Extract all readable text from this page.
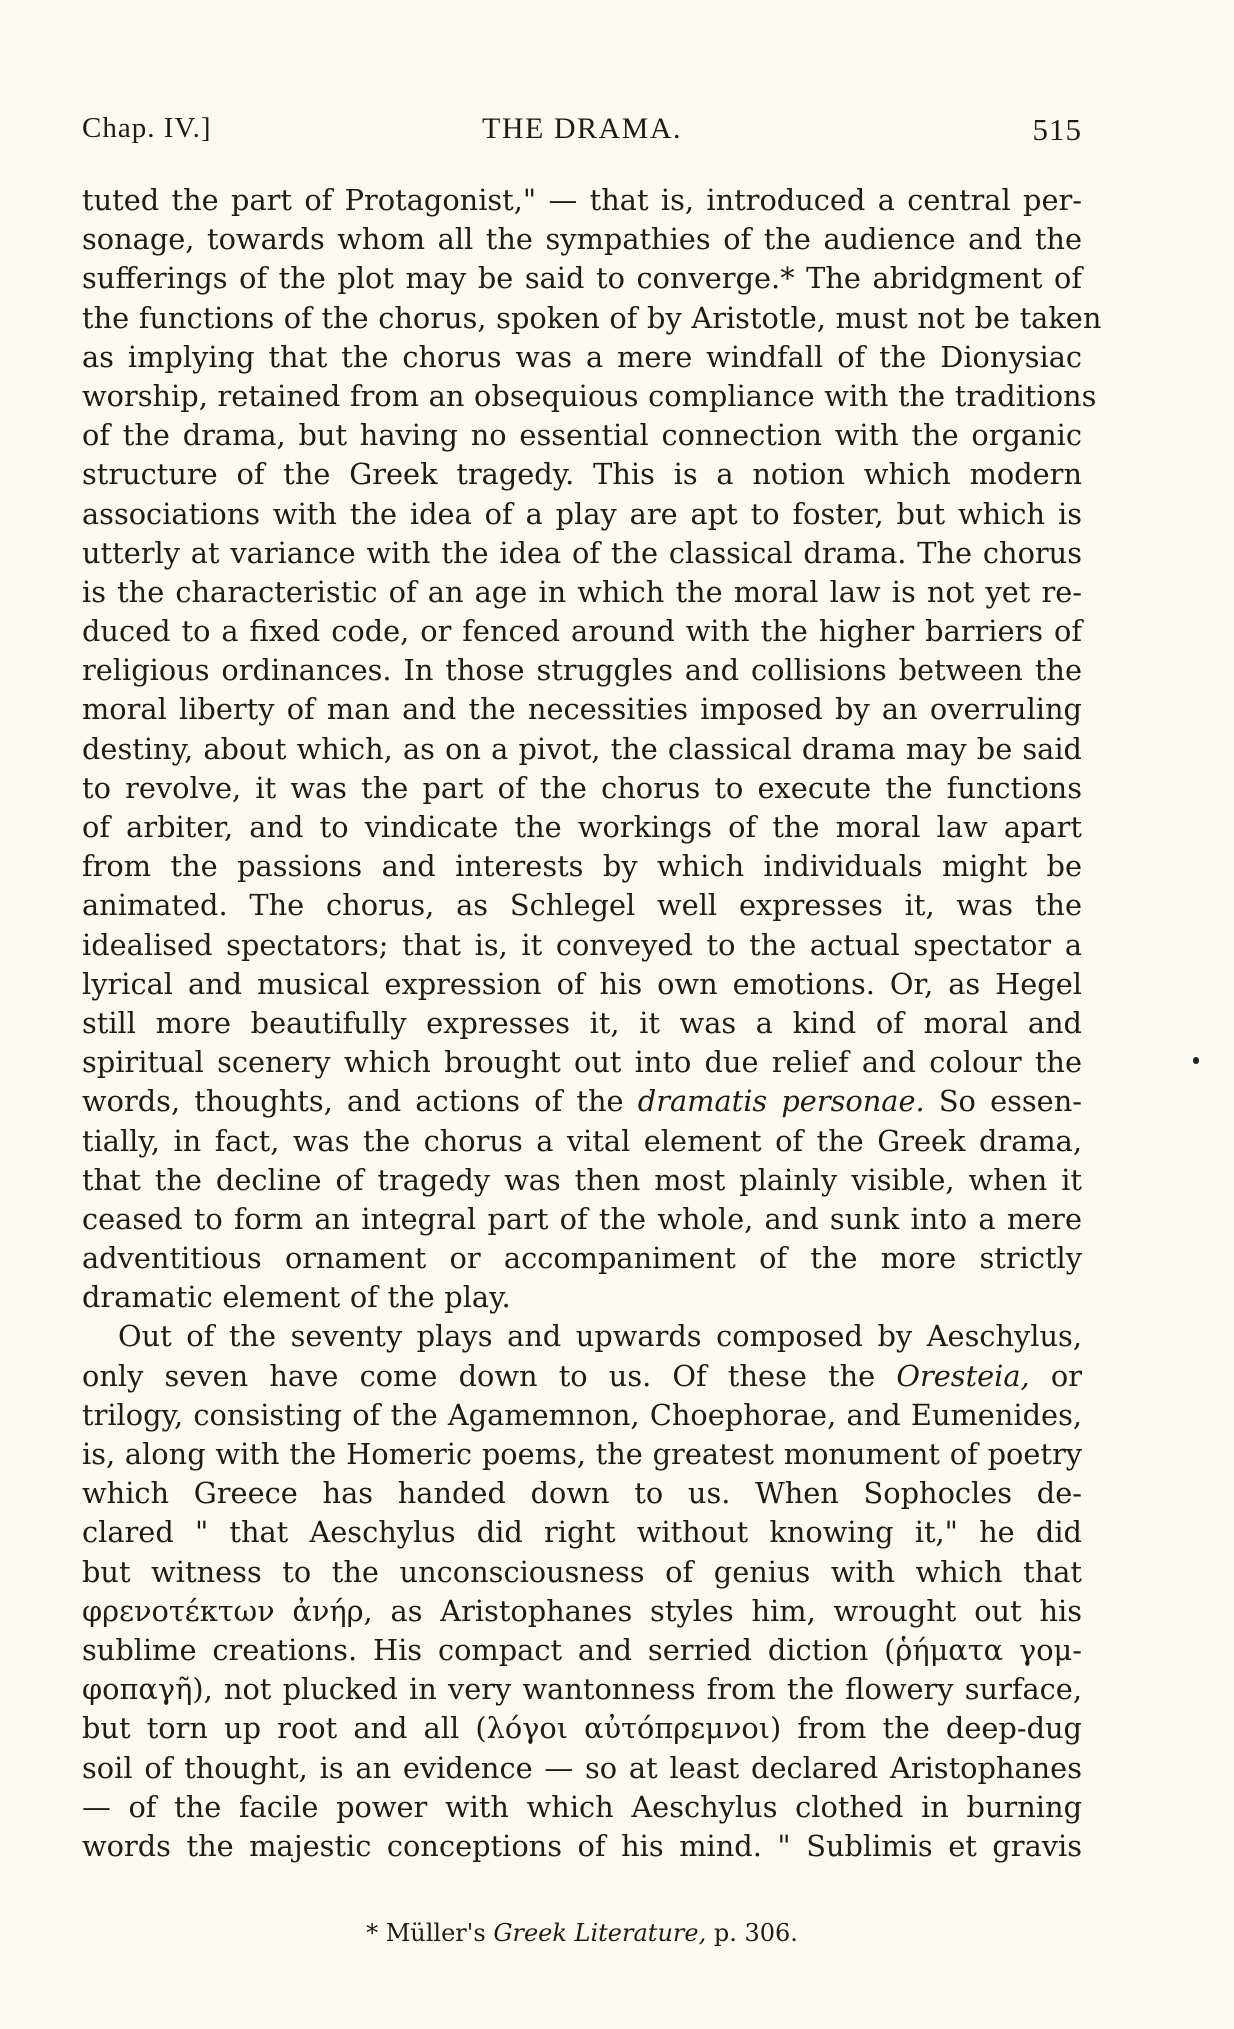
Chap. IV.]	THE DRAMA.	515
tuted the part of Protagonist," — that is, introduced a central per-
sonage, towards whom all the sympathies of the audience and the
sufferings of the plot may be said to converge.* The abridgment of
the functions of the chorus, spoken of by Aristotle, must not be taken
as implying that the chorus was a mere windfall of the Dionysiac
worship, retained from an obsequious compliance with the traditions
of the drama, but having no essential connection with the organic
structure of the Greek tragedy. This is a notion which modern
associations with the idea of a play are apt to foster, but which is
utterly at variance with the idea of the classical drama. The chorus
is the characteristic of an age in which the moral law is not yet re-
duced to a fixed code, or fenced around with the higher barriers of
religious ordinances. In those struggles and collisions between the
moral liberty of man and the necessities imposed by an overruling
destiny, about which, as on a pivot, the classical drama may be said
to revolve, it was the part of the chorus to execute the functions
of arbiter, and to vindicate the workings of the moral law apart
from the passions and interests by which individuals might be
animated. The chorus, as Schlegel well expresses it, was the
idealised spectators; that is, it conveyed to the actual spectator a
lyrical and musical expression of his own emotions. Or, as Hegel
still more beautifully expresses it, it was a kind of moral and
spiritual scenery which brought out into due relief and colour the
words, thoughts, and actions of the dramatis personae. So essen-
tially, in fact, was the chorus a vital element of the Greek drama,
that the decline of tragedy was then most plainly visible, when it
ceased to form an integral part of the whole, and sunk into a mere
adventitious ornament or accompaniment of the more strictly
dramatic element of the play.
Out of the seventy plays and upwards composed by Aeschylus,
only seven have come down to us. Of these the Oresteia, or
trilogy, consisting of the Agamemnon, Choephorae, and Eumenides,
is, along with the Homeric poems, the greatest monument of poetry
which Greece has handed down to us. When Sophocles de-
clared " that Aeschylus did right without knowing it," he did
but witness to the unconsciousness of genius with which that
φρενοτέκτων ἀνήρ, as Aristophanes styles him, wrought out his
sublime creations. His compact and serried diction (ῥήματα γομ-
φοπαγῆ), not plucked in very wantonness from the flowery surface,
but torn up root and all (λόγοι αὐτόπρεμνοι) from the deep-dug
soil of thought, is an evidence — so at least declared Aristophanes
— of the facile power with which Aeschylus clothed in burning
words the majestic conceptions of his mind. " Sublimis et gravis
* Müller's Greek Literature, p. 306.
